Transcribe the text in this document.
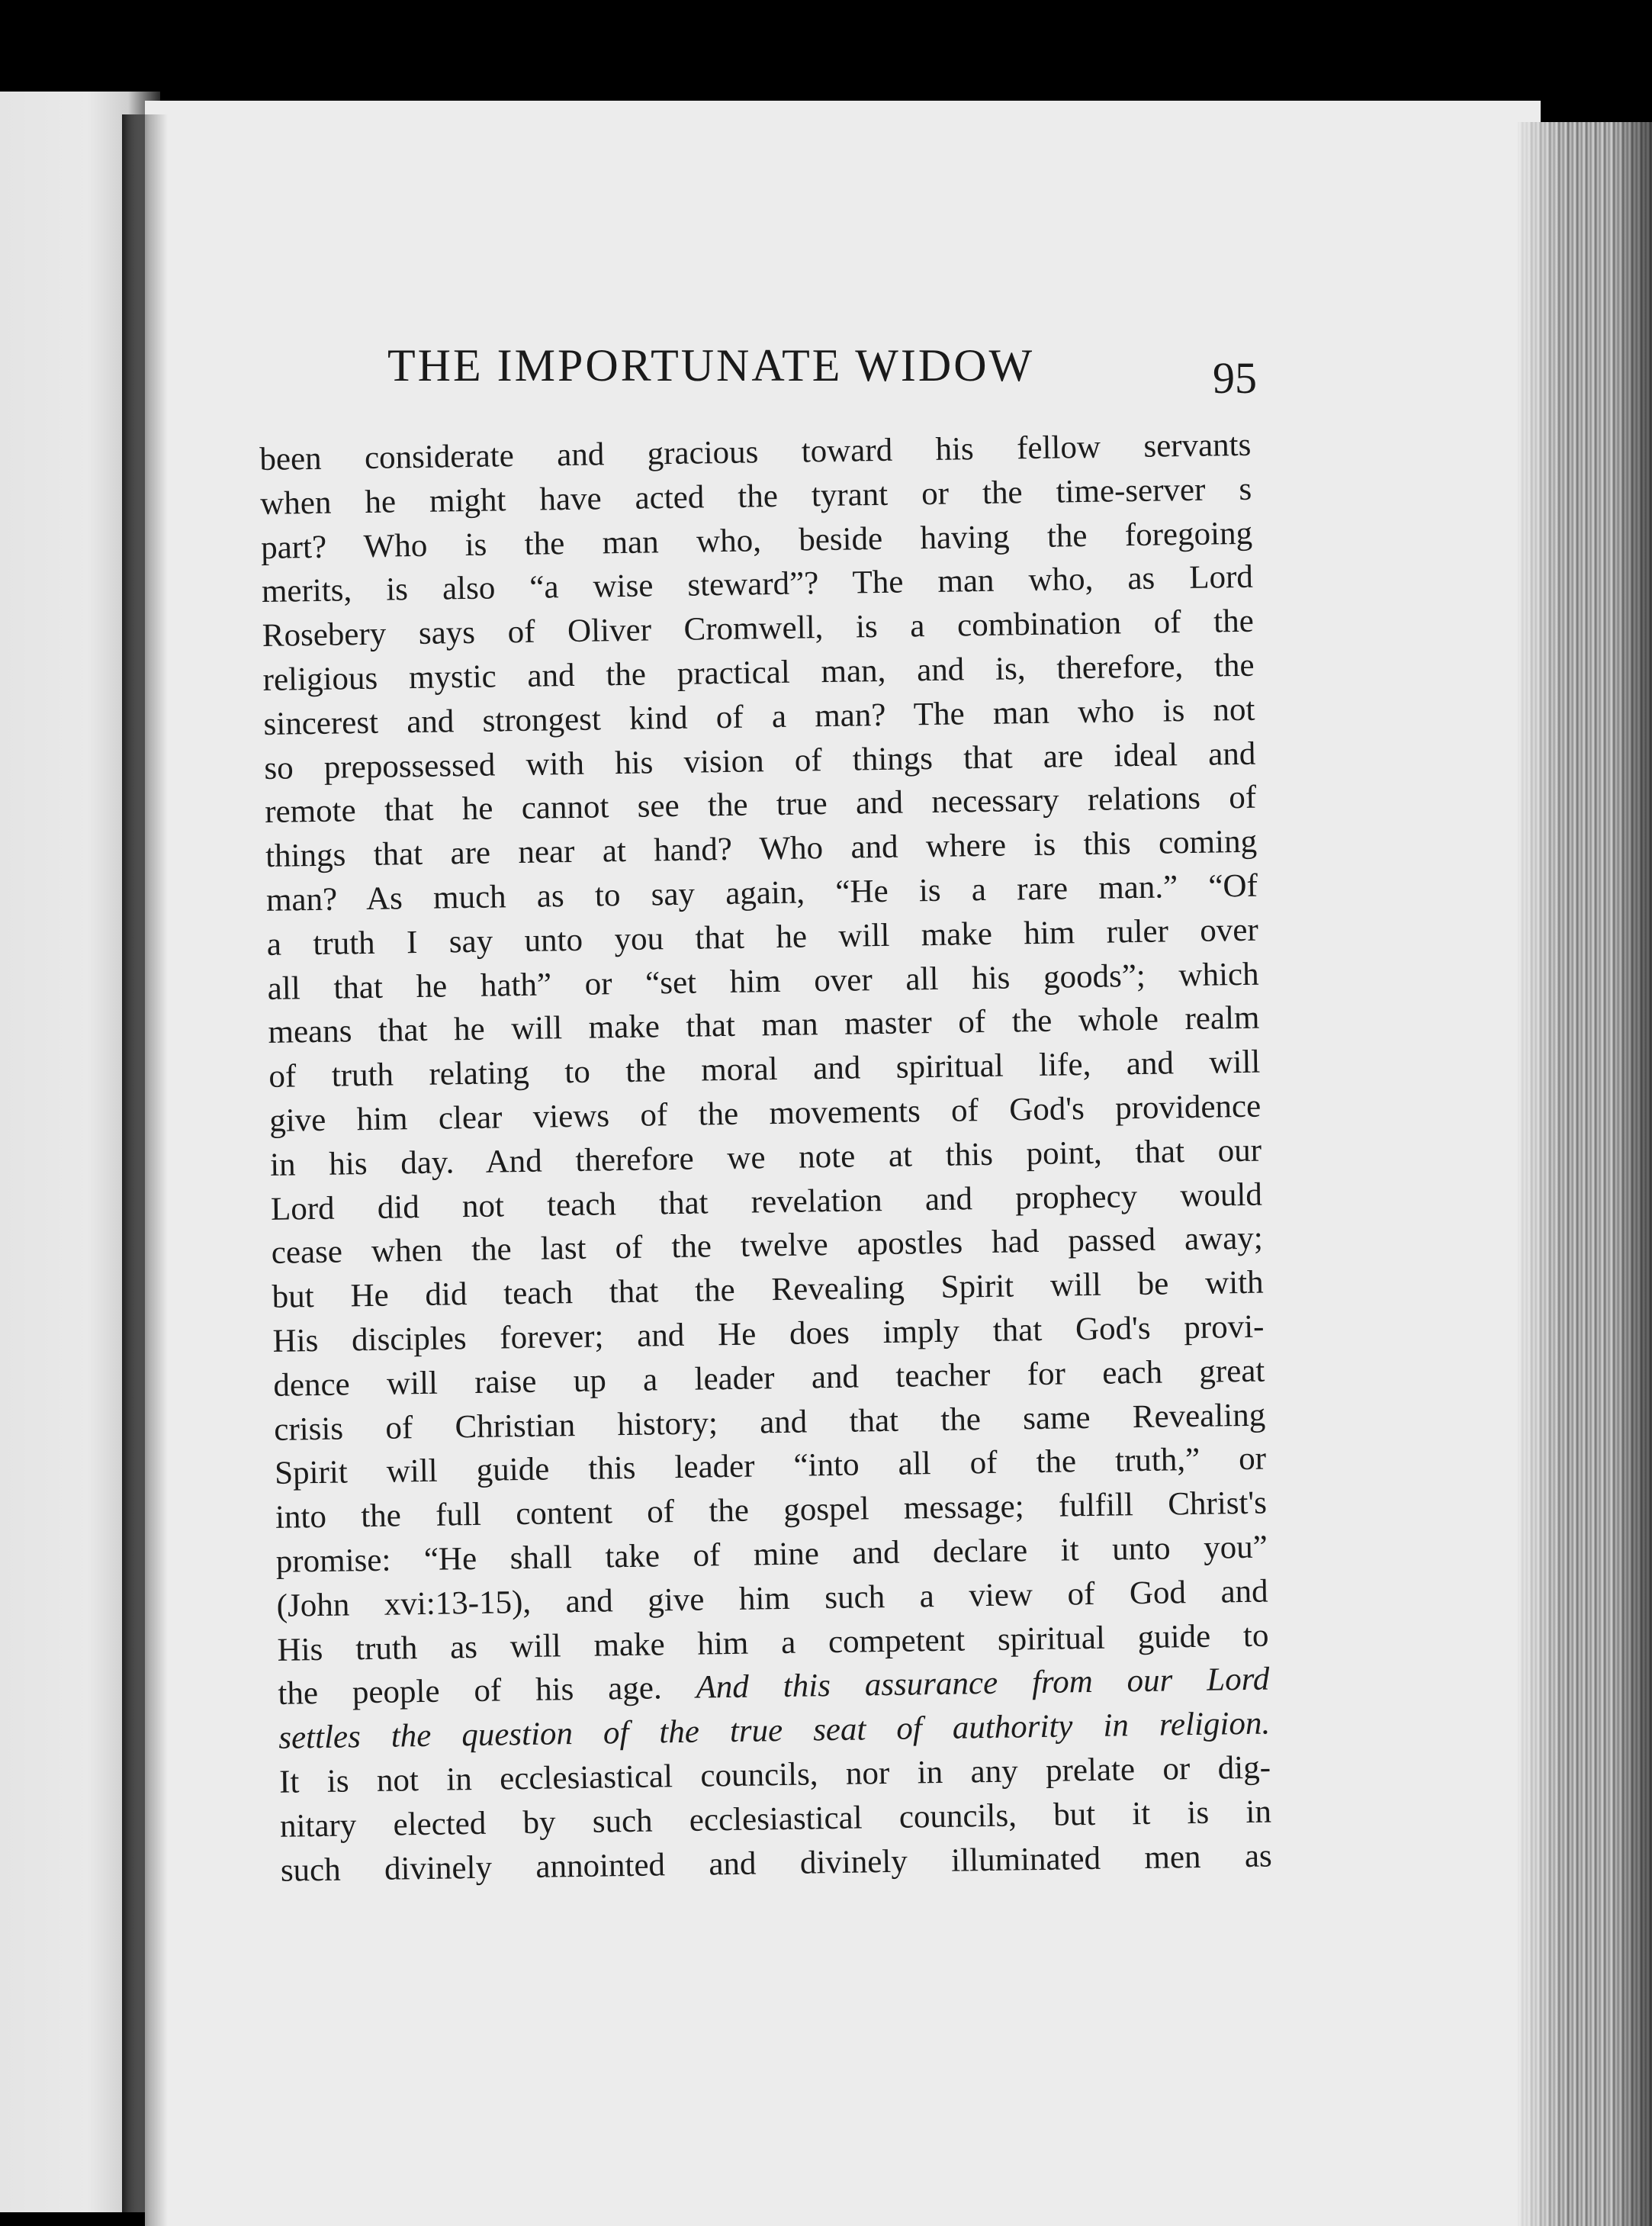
THE IMPORTUNATE WIDOW	95
been considerate and gracious toward his fellow servants
when he might have acted the tyrant or the time-server s
part? Who is the man who, beside having the foregoing
merits, is also “a wise steward”? The man who, as Lord
Rosebery says of Oliver Cromwell, is a combination of the
religious mystic and the practical man, and is, therefore, the
sincerest and strongest kind of a man? The man who is not
so prepossessed with his vision of things that are ideal and
remote that he cannot see the true and necessary relations of
things that are near at hand? Who and where is this coming
man? As much as to say again, “He is a rare man.” “Of
a truth I say unto you that he will make him ruler over
all that he hath” or “set him over all his goods”; which
means that he will make that man master of the whole realm
of truth relating to the moral and spiritual life, and will
give him clear views of the movements of God's providence
in his day. And therefore we note at this point, that our
Lord did not teach that revelation and prophecy would
cease when the last of the twelve apostles had passed away;
but He did teach that the Revealing Spirit will be with
His disciples forever; and He does imply that God's provi-
dence will raise up a leader and teacher for each great
crisis of Christian history; and that the same Revealing
Spirit will guide this leader “into all of the truth,” or
into the full content of the gospel message; fulfill Christ's
promise: “He shall take of mine and declare it unto you”
(John xvi:13-15), and give him such a view of God and
His truth as will make him a competent spiritual guide to
the people of his age. And this assurance from our Lord
settles the question of the true seat of authority in religion.
It is not in ecclesiastical councils, nor in any prelate or dig-
nitary elected by such ecclesiastical councils, but it is in
such divinely annointed and divinely illuminated men as
